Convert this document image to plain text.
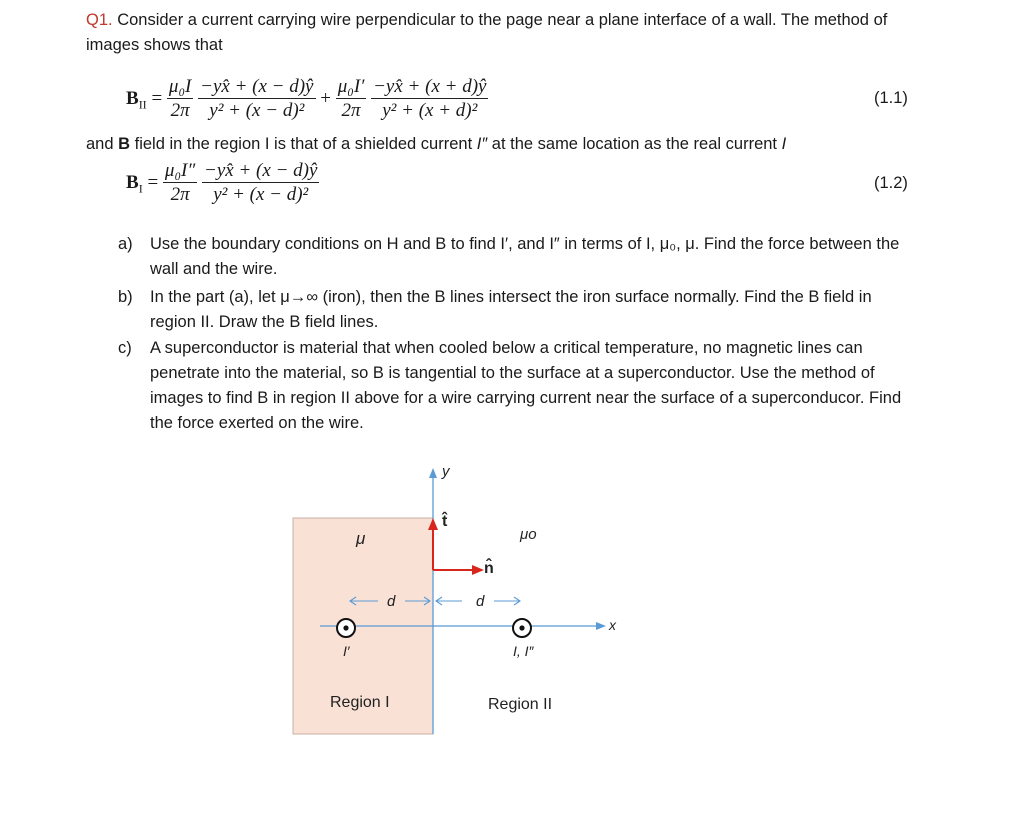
Q1. Consider a current carrying wire perpendicular to the page near a plane interface of a wall. The method of images shows that
$B_{II} = \frac{\text{μ₀I}}{2\pi}$
$\frac{-yx̂ + (x - d)ŷ}{\text{y² + (x − d)²}} + \frac{\text{μ₀I′}}{2\pi}$
$\frac{-yx̂ + (x + d)ŷ}{\text{y² + (x + d)²}}$	(1.1)
and B field in the region I is that of a shielded current I″ at the same location as the real current I
$B_I = \frac{\text{μ₀I″}}{2\pi}$
$\frac{-yx̂ + (x - d)ŷ}{\text{y² + (x − d)²}}$	(1.2)
a) Use the boundary conditions on H and B to find I′, and I″ in terms of I, μ₀, μ. Find the force between the wall and the wire.
b) In the part (a), let μ→∞ (iron), then the B lines intersect the iron surface normally. Find the B field in region II. Draw the B field lines.
c) A superconductor is material that when cooled below a critical temperature, no magnetic lines can penetrate into the material, so B is tangential to the surface at a superconductor. Use the method of images to find B in region II above for a wire carrying current near the surface of a superconducor. Find the force exerted on the wire.
y
x
t̂
n̂
μ	μo
d	d
I′	I, I″
Region I	Region II
